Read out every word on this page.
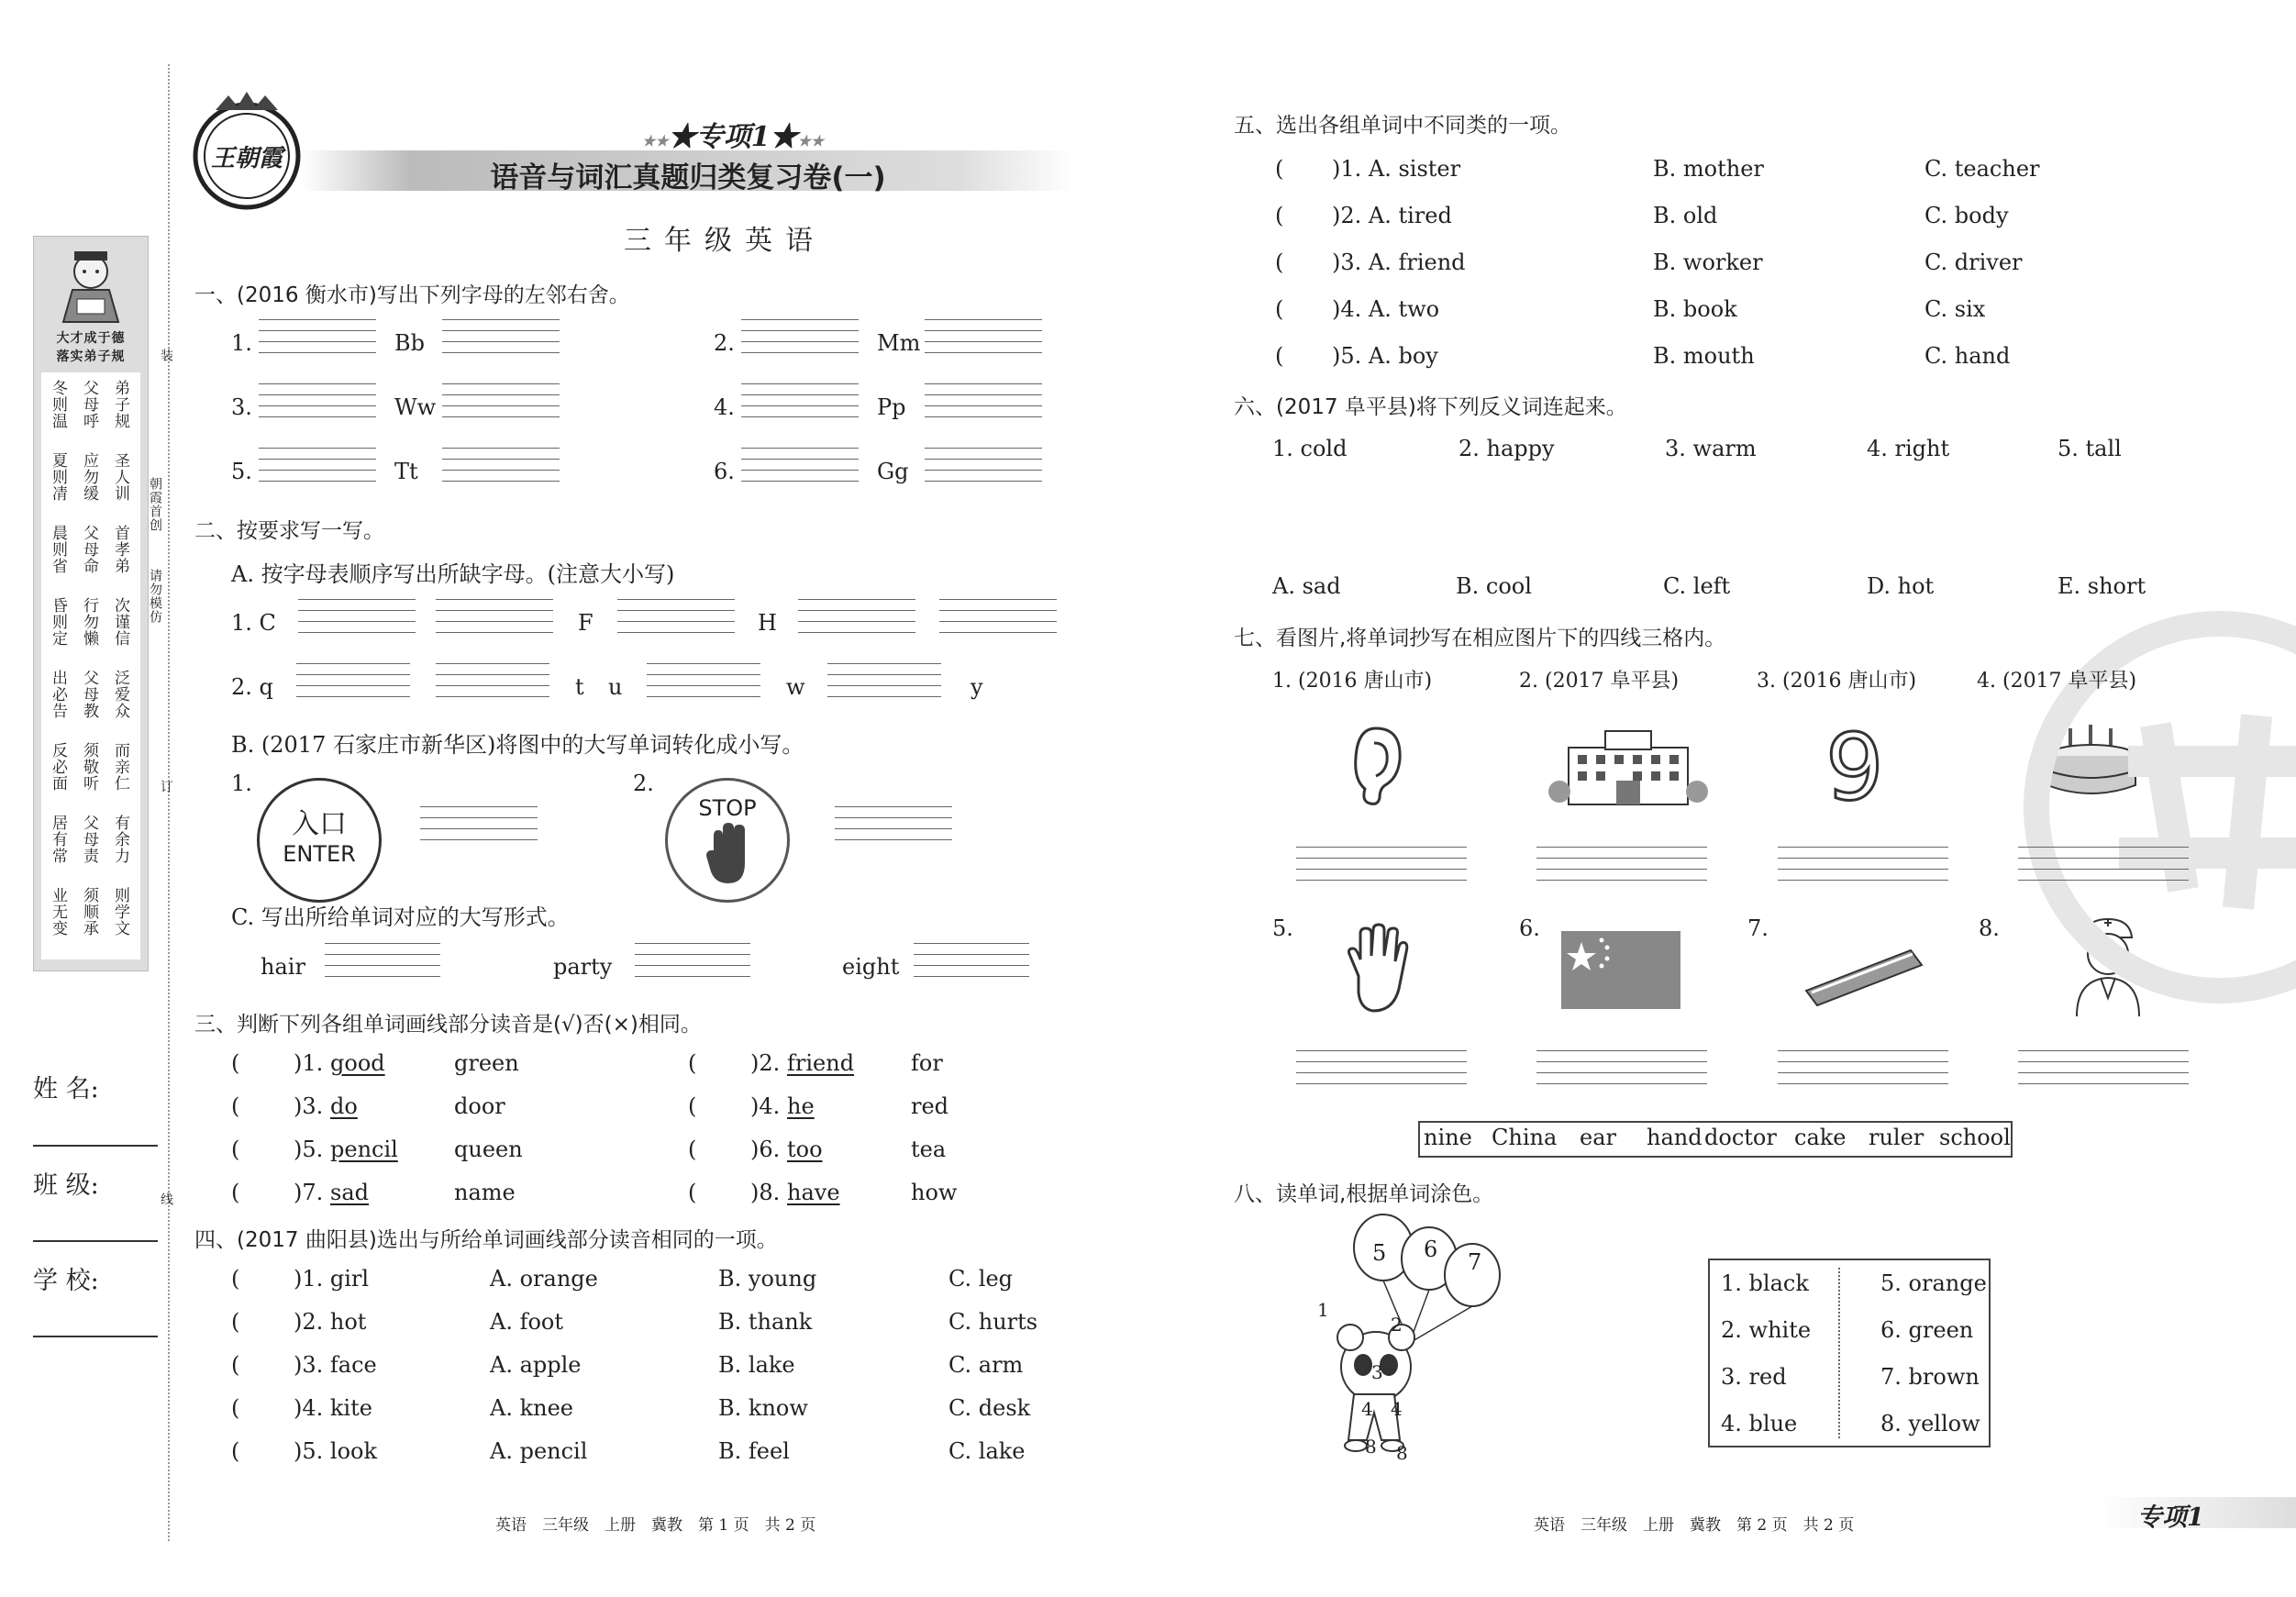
大才成于德
落实弟子规
冬则温
夏则凊
晨则省
昏则定
出必告
反必面
居有常
业无变
父母呼
应勿缓
父母命
行勿懒
父母教
须敬听
父母责
须顺承
弟子规
圣人训
首孝弟
次谨信
泛爱众
而亲仁
有余力
则学文
装
订
线
朝霞首创
请勿模仿
姓 名:
班 级:
学 校:
王朝霞
★★★专项1★★★
语音与词汇真题归类复习卷(一)
三年级英语
一、(2016 衡水市)写出下列字母的左邻右舍。
二、按要求写一写。
A. 按字母表顺序写出所缺字母。(注意大小写)
B. (2017 石家庄市新华区)将图中的大写单词转化成小写。
1.
入口
ENTER
2.
STOP
C. 写出所给单词对应的大写形式。
三、判断下列各组单词画线部分读音是(√)否(×)相同。
四、(2017 曲阳县)选出与所给单词画线部分读音相同的一项。
五、选出各组单词中不同类的一项。
六、(2017 阜平县)将下列反义词连起来。
七、看图片,将单词抄写在相应图片下的四线三格内。
9
八、读单词,根据单词涂色。
5 6 7
1
2
3
4 4
8 8
英语　三年级　上册　冀教　第 1 页　共 2 页	英语　三年级　上册　冀教　第 2 页　共 2 页	专项1
1.	Bb	2.	Mm
3.	Ww	4.	Pp
5.	Tt	6.	Gg
1. C	F	H
2. q	t u	w	y
hair	party	eight
( )1. good	green	( )2. friend	for
( )3. do	door	( )4. he	red
( )5. pencil	queen	( )6. too	tea
( )7. sad	name	( )8. have	how
( )1. girl	A. orange	B. young	C. leg
( )2. hot	A. foot	B. thank	C. hurts
( )3. face	A. apple	B. lake	C. arm
( )4. kite	A. knee	B. know	C. desk
( )5. look	A. pencil	B. feel	C. lake
( )1. A. sister	B. mother	C. teacher
( )2. A. tired	B. old	C. body
( )3. A. friend	B. worker	C. driver
( )4. A. two	B. book	C. six
( )5. A. boy	B. mouth	C. hand
1. cold	2. happy	3. warm	4. right	5. tall
A. sad	B. cool	C. left	D. hot	E. short
1. (2016 唐山市)	2. (2017 阜平县)	3. (2016 唐山市)	4. (2017 阜平县)
5.	6.	7.	8.
nine China ear hand doctor cake ruler school
1. black	5. orange
2. white	6. green
3. red	7. brown
4. blue	8. yellow
